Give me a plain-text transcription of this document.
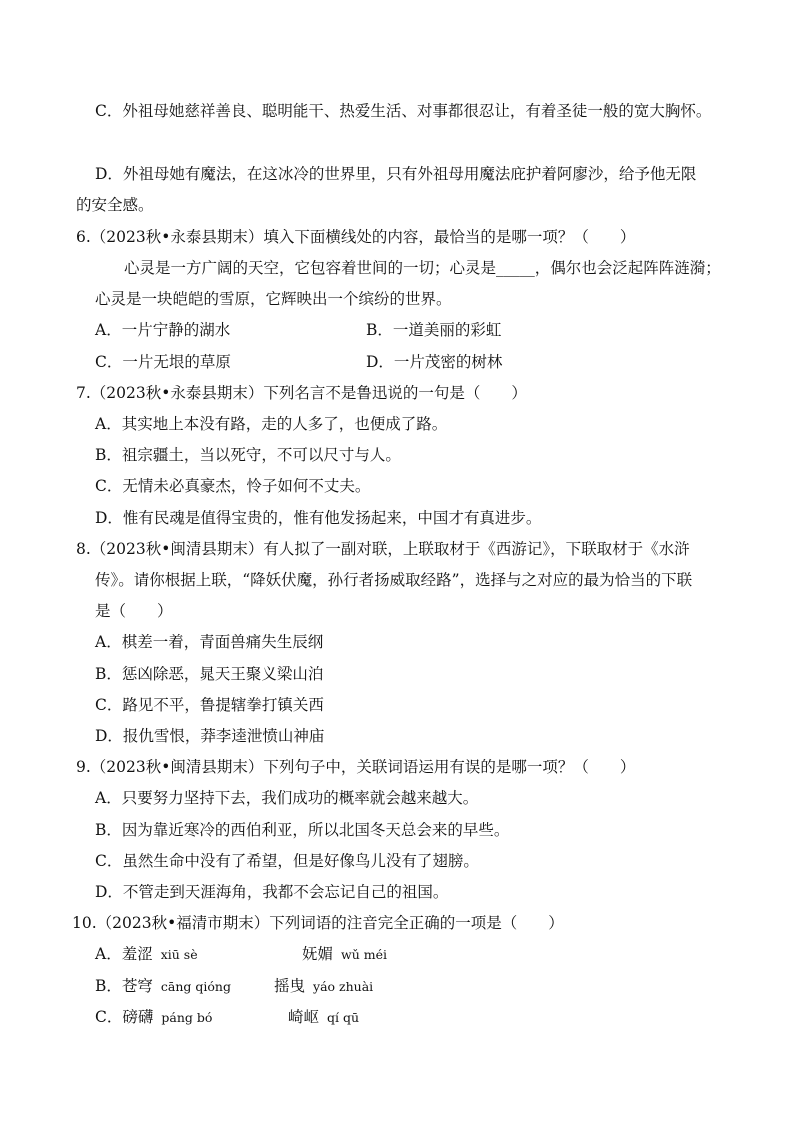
C．外祖母她慈祥善良、聪明能干、热爱生活、对事都很忍让，有着圣徒一般的宽大胸怀。
D．外祖母她有魔法，在这冰冷的世界里，只有外祖母用魔法庇护着阿廖沙，给予他无限
的安全感。
6.（2023秋•永泰县期末）填入下面横线处的内容，最恰当的是哪一项？（　　）
心灵是一方广阔的天空，它包容着世间的一切；心灵是_____，偶尔也会泛起阵阵涟漪；
心灵是一块皑皑的雪原，它辉映出一个缤纷的世界。
A．一片宁静的湖水	B．一道美丽的彩虹
C．一片无垠的草原	D．一片茂密的树林
7.（2023秋•永泰县期末）下列名言不是鲁迅说的一句是（　　）
A．其实地上本没有路，走的人多了，也便成了路。
B．祖宗疆土，当以死守，不可以尺寸与人。
C．无情未必真豪杰，怜子如何不丈夫。
D．惟有民魂是值得宝贵的，惟有他发扬起来，中国才有真进步。
8.（2023秋•闽清县期末）有人拟了一副对联，上联取材于《西游记》，下联取材于《水浒
传》。请你根据上联，“降妖伏魔，孙行者扬威取经路”，选择与之对应的最为恰当的下联
是（　　）
A．棋差一着，青面兽痛失生辰纲
B．惩凶除恶，晁天王聚义梁山泊
C．路见不平，鲁提辖拳打镇关西
D．报仇雪恨，莽李逵泄愤山神庙
9.（2023秋•闽清县期末）下列句子中，关联词语运用有误的是哪一项？（　　）
A．只要努力坚持下去，我们成功的概率就会越来越大。
B．因为靠近寒冷的西伯利亚，所以北国冬天总会来的早些。
C．虽然生命中没有了希望，但是好像鸟儿没有了翅膀。
D．不管走到天涯海角，我都不会忘记自己的祖国。
10.（2023秋•福清市期末）下列词语的注音完全正确的一项是（　　）
A．羞涩 xiū sè	妩媚 wǔ méi
B．苍穹 cāng qióng	摇曳 yáo zhuài
C．磅礴 páng bó	崎岖 qí qū
